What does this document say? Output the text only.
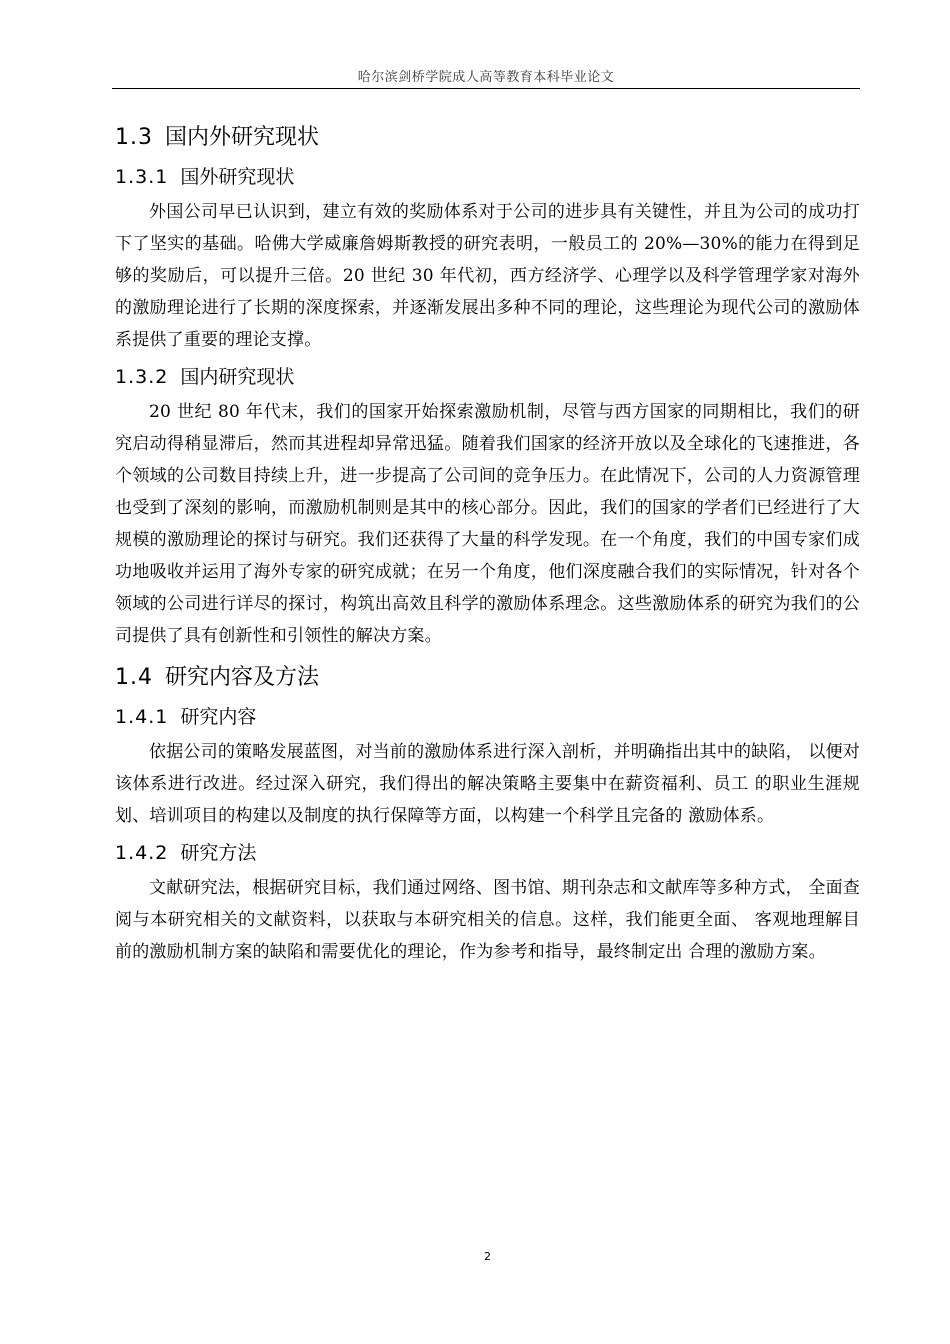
哈尔滨剑桥学院成人高等教育本科毕业论文
1.3 国内外研究现状
1.3.1 国外研究现状

外国公司早已认识到，建立有效的奖励体系对于公司的进步具有关键性，并且为公司的成功打下了坚实的基础。哈佛大学威廉詹姆斯教授的研究表明，一般员工的 20%—30%的能力在得到足够的奖励后，可以提升三倍。20 世纪 30 年代初，西方经济学、心理学以及科学管理学家对海外的激励理论进行了长期的深度探索，并逐渐发展出多种不同的理论，这些理论为现代公司的激励体系提供了重要的理论支撑。

1.3.2 国内研究现状

20 世纪 80 年代末，我们的国家开始探索激励机制，尽管与西方国家的同期相比，我们的研究启动得稍显滞后，然而其进程却异常迅猛。随着我们国家的经济开放以及全球化的飞速推进，各个领域的公司数目持续上升，进一步提高了公司间的竞争压力。在此情况下，公司的人力资源管理也受到了深刻的影响，而激励机制则是其中的核心部分。因此，我们的国家的学者们已经进行了大规模的激励理论的探讨与研究。我们还获得了大量的科学发现。在一个角度，我们的中国专家们成功地吸收并运用了海外专家的研究成就；在另一个角度，他们深度融合我们的实际情况，针对各个领域的公司进行详尽的探讨，构筑出高效且科学的激励体系理念。这些激励体系的研究为我们的公司提供了具有创新性和引领性的解决方案。

1.4 研究内容及方法
1.4.1 研究内容

依据公司的策略发展蓝图，对当前的激励体系进行深入剖析，并明确指出其中的缺陷， 以便对该体系进行改进。经过深入研究，我们得出的解决策略主要集中在薪资福利、员工 的职业生涯规划、培训项目的构建以及制度的执行保障等方面，以构建一个科学且完备的 激励体系。

1.4.2 研究方法

文献研究法，根据研究目标，我们通过网络、图书馆、期刊杂志和文献库等多种方式， 全面查阅与本研究相关的文献资料，以获取与本研究相关的信息。这样，我们能更全面、 客观地理解目前的激励机制方案的缺陷和需要优化的理论，作为参考和指导，最终制定出 合理的激励方案。

2
